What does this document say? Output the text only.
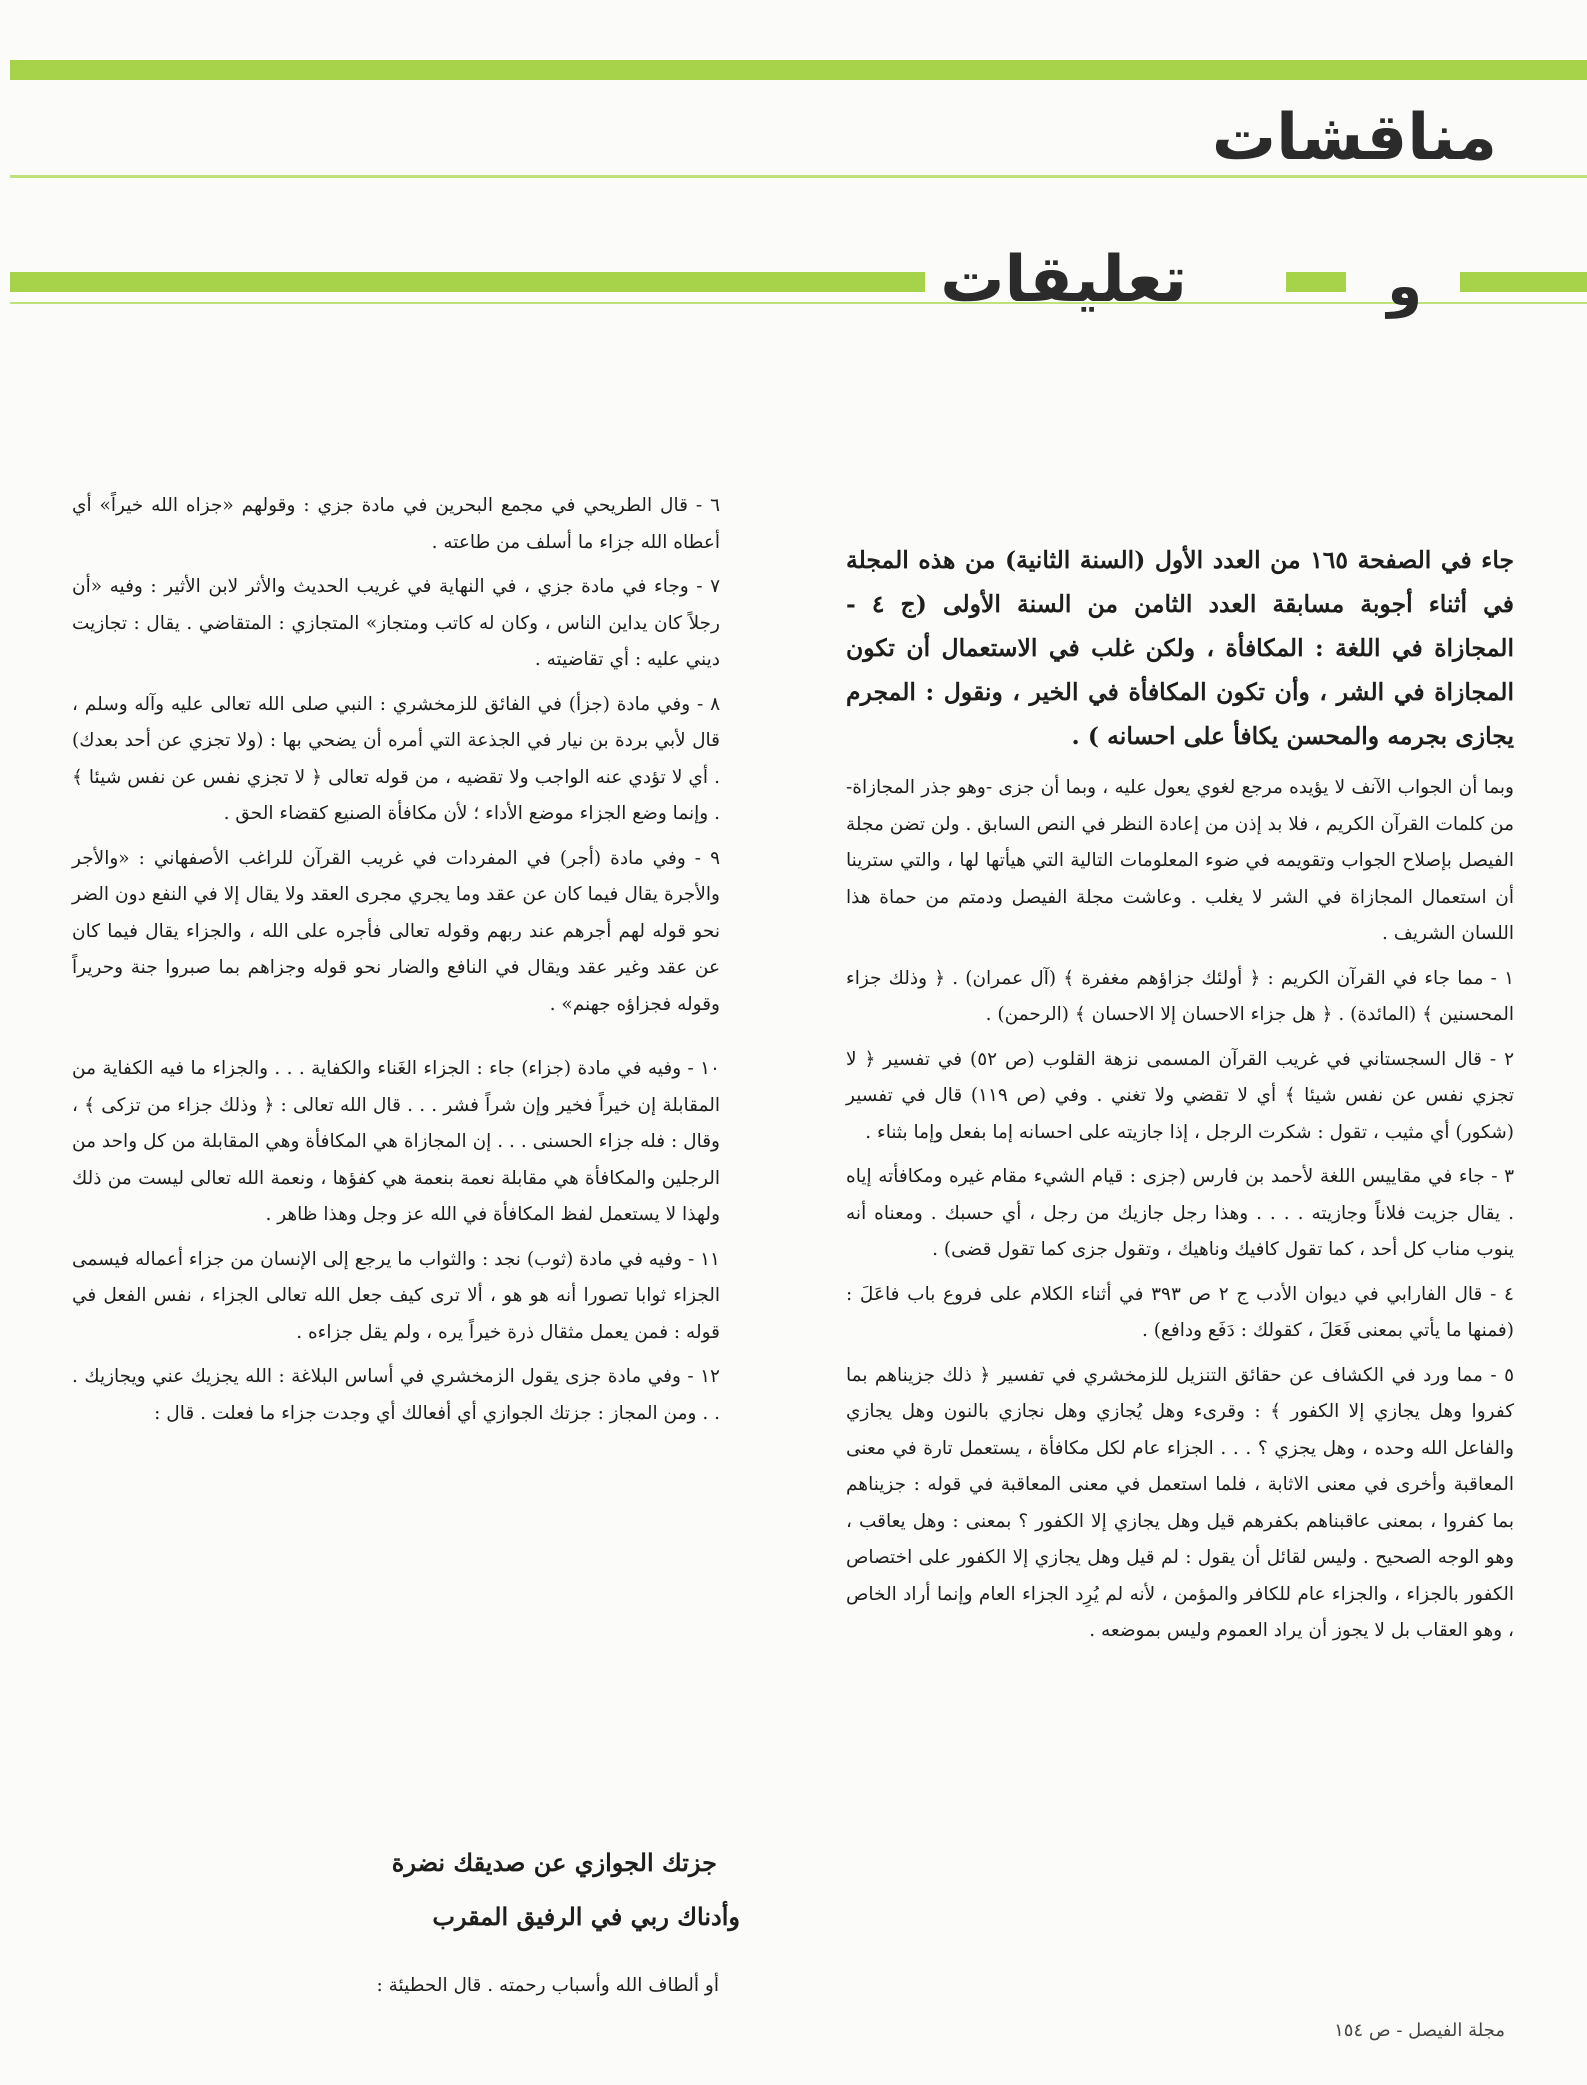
مناقشات
و
تعليقات

جاء في الصفحة ١٦٥ من العدد الأول (السنة الثانية) من هذه المجلة في أثناء أجوبة مسابقة العدد الثامن من السنة الأولى (ج ٤ - المجازاة في اللغة : المكافأة ، ولكن غلب في الاستعمال أن تكون المجازاة في الشر ، وأن تكون المكافأة في الخير ، ونقول : المجرم يجازى بجرمه والمحسن يكافأ على احسانه ) .

وبما أن الجواب الآنف لا يؤيده مرجع لغوي يعول عليه ، وبما أن جزى -وهو جذر المجازاة- من كلمات القرآن الكريم ، فلا بد إذن من إعادة النظر في النص السابق . ولن تضن مجلة الفيصل بإصلاح الجواب وتقويمه في ضوء المعلومات التالية التي هيأتها لها ، والتي سترينا أن استعمال المجازاة في الشر لا يغلب . وعاشت مجلة الفيصل ودمتم من حماة هذا اللسان الشريف .

١ - مما جاء في القرآن الكريم : ﴿ أولئك جزاؤهم مغفرة ﴾ (آل عمران) . ﴿ وذلك جزاء المحسنين ﴾ (المائدة) . ﴿ هل جزاء الاحسان إلا الاحسان ﴾ (الرحمن) .

٢ - قال السجستاني في غريب القرآن المسمى نزهة القلوب (ص ٥٢) في تفسير ﴿ لا تجزي نفس عن نفس شيئا ﴾ أي لا تقضي ولا تغني . وفي (ص ١١٩) قال في تفسير (شكور) أي مثيب ، تقول : شكرت الرجل ، إذا جازيته على احسانه إما بفعل وإما بثناء .

٣ - جاء في مقاييس اللغة لأحمد بن فارس (جزى : قيام الشيء مقام غيره ومكافأته إياه . يقال جزيت فلاناً وجازيته . . . . وهذا رجل جازيك من رجل ، أي حسبك . ومعناه أنه ينوب مناب كل أحد ، كما تقول كافيك وناهيك ، وتقول جزى كما تقول قضى) .

٤ - قال الفارابي في ديوان الأدب ج ٢ ص ٣٩٣ في أثناء الكلام على فروع باب فاعَلَ : (فمنها ما يأتي بمعنى فَعَلَ ، كقولك : دَفَع ودافع) .

٥ - مما ورد في الكشاف عن حقائق التنزيل للزمخشري في تفسير ﴿ ذلك جزيناهم بما كفروا وهل يجازي إلا الكفور ﴾ : وقرىء وهل يُجازي وهل نجازي بالنون وهل يجازي والفاعل الله وحده ، وهل يجزي ؟ . . . الجزاء عام لكل مكافأة ، يستعمل تارة في معنى المعاقبة وأخرى في معنى الاثابة ، فلما استعمل في معنى المعاقبة في قوله : جزيناهم بما كفروا ، بمعنى عاقبناهم بكفرهم قيل وهل يجازي إلا الكفور ؟ بمعنى : وهل يعاقب ، وهو الوجه الصحيح . وليس لقائل أن يقول : لم قيل وهل يجازي إلا الكفور على اختصاص الكفور بالجزاء ، والجزاء عام للكافر والمؤمن ، لأنه لم يُرِد الجزاء العام وإنما أراد الخاص ، وهو العقاب بل لا يجوز أن يراد العموم وليس بموضعه .

٦ - قال الطريحي في مجمع البحرين في مادة جزي : وقولهم «جزاه الله خيراً» أي أعطاه الله جزاء ما أسلف من طاعته .

٧ - وجاء في مادة جزي ، في النهاية في غريب الحديث والأثر لابن الأثير : وفيه «أن رجلاً كان يداين الناس ، وكان له كاتب ومتجاز» المتجازي : المتقاضي . يقال : تجازيت ديني عليه : أي تقاضيته .

٨ - وفي مادة (جزأ) في الفائق للزمخشري : النبي صلى الله تعالى عليه وآله وسلم ، قال لأبي بردة بن نيار في الجذعة التي أمره أن يضحي بها : (ولا تجزي عن أحد بعدك) . أي لا تؤدي عنه الواجب ولا تقضيه ، من قوله تعالى ﴿ لا تجزي نفس عن نفس شيئا ﴾ . وإنما وضع الجزاء موضع الأداء ؛ لأن مكافأة الصنيع كقضاء الحق .

٩ - وفي مادة (أجر) في المفردات في غريب القرآن للراغب الأصفهاني : «والأجر والأجرة يقال فيما كان عن عقد وما يجري مجرى العقد ولا يقال إلا في النفع دون الضر نحو قوله لهم أجرهم عند ربهم وقوله تعالى فأجره على الله ، والجزاء يقال فيما كان عن عقد وغير عقد ويقال في النافع والضار نحو قوله وجزاهم بما صبروا جنة وحريراً وقوله فجزاؤه جهنم» .

١٠ - وفيه في مادة (جزاء) جاء : الجزاء الغَناء والكفاية . . . والجزاء ما فيه الكفاية من المقابلة إن خيراً فخير وإن شراً فشر . . . قال الله تعالى : ﴿ وذلك جزاء من تزكى ﴾ ، وقال : فله جزاء الحسنى . . . إن المجازاة هي المكافأة وهي المقابلة من كل واحد من الرجلين والمكافأة هي مقابلة نعمة بنعمة هي كفؤها ، ونعمة الله تعالى ليست من ذلك ولهذا لا يستعمل لفظ المكافأة في الله عز وجل وهذا ظاهر .

١١ - وفيه في مادة (ثوب) نجد : والثواب ما يرجع إلى الإنسان من جزاء أعماله فيسمى الجزاء ثوابا تصورا أنه هو هو ، ألا ترى كيف جعل الله تعالى الجزاء ، نفس الفعل في قوله : فمن يعمل مثقال ذرة خيراً يره ، ولم يقل جزاءه .

١٢ - وفي مادة جزى يقول الزمخشري في أساس البلاغة : الله يجزيك عني ويجازيك . . . ومن المجاز : جزتك الجوازي أي أفعالك أي وجدت جزاء ما فعلت . قال :

جزتك الجوازي عن صديقك نضرة
وأدناك ربي في الرفيق المقرب
أو ألطاف الله وأسباب رحمته . قال الحطيئة :
مجلة الفيصل - ص ١٥٤
